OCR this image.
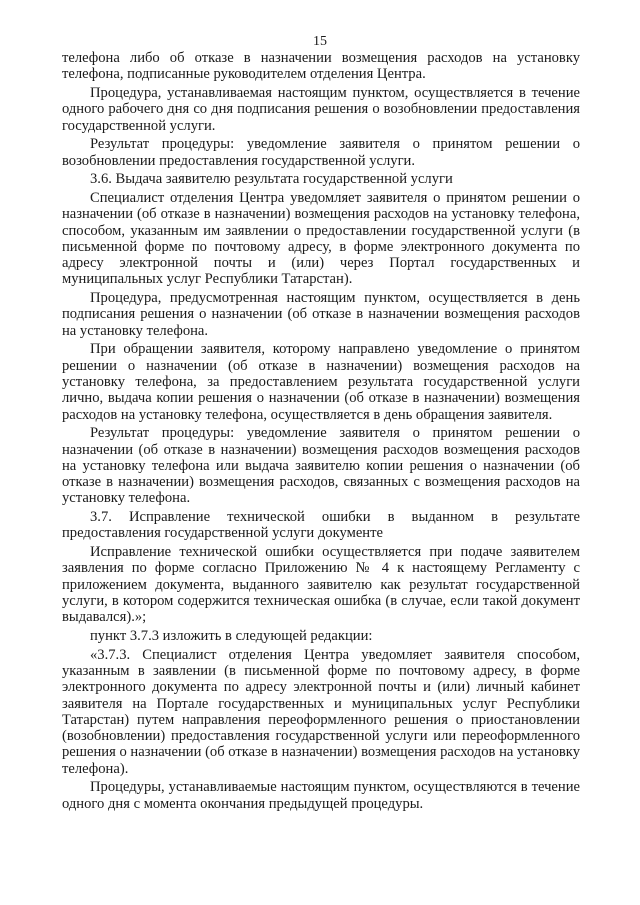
15

телефона либо об отказе в назначении возмещения расходов на установку телефона, подписанные руководителем отделения Центра.

Процедура, устанавливаемая настоящим пунктом, осуществляется в течение одного рабочего дня со дня подписания решения о возобновлении предоставления государственной услуги.

Результат процедуры: уведомление заявителя о принятом решении о возобновлении предоставления государственной услуги.

3.6. Выдача заявителю результата государственной услуги

Специалист отделения Центра уведомляет заявителя о принятом решении о назначении (об отказе в назначении) возмещения расходов на установку телефона, способом, указанным им заявлении о предоставлении государственной услуги (в письменной форме по почтовому адресу, в форме электронного документа по адресу электронной почты и (или) через Портал государственных и муниципальных услуг Республики Татарстан).

Процедура, предусмотренная настоящим пунктом, осуществляется в день подписания решения о назначении (об отказе в назначении возмещения расходов на установку телефона.

При обращении заявителя, которому направлено уведомление о принятом решении о назначении (об отказе в назначении) возмещения расходов на установку телефона, за предоставлением результата государственной услуги лично, выдача копии решения о назначении (об отказе в назначении) возмещения расходов на установку телефона, осуществляется в день обращения заявителя.

Результат процедуры: уведомление заявителя о принятом решении о назначении (об отказе в назначении) возмещения расходов возмещения расходов на установку телефона или выдача заявителю копии решения о назначении (об отказе в назначении) возмещения расходов, связанных с возмещения расходов на установку телефона.

3.7. Исправление технической ошибки в выданном в результате предоставления государственной услуги документе

Исправление технической ошибки осуществляется при подаче заявителем заявления по форме согласно Приложению № 4 к настоящему Регламенту с приложением документа, выданного заявителю как результат государственной услуги, в котором содержится техническая ошибка (в случае, если такой документ выдавался).»;

пункт 3.7.3 изложить в следующей редакции:

«3.7.3. Специалист отделения Центра уведомляет заявителя способом, указанным в заявлении (в письменной форме по почтовому адресу, в форме электронного документа по адресу электронной почты и (или) личный кабинет заявителя на Портале государственных и муниципальных услуг Республики Татарстан) путем направления переоформленного решения о приостановлении (возобновлении) предоставления государственной услуги или переоформленного решения о назначении (об отказе в назначении) возмещения расходов на установку телефона).

Процедуры, устанавливаемые настоящим пунктом, осуществляются в течение одного дня с момента окончания предыдущей процедуры.
